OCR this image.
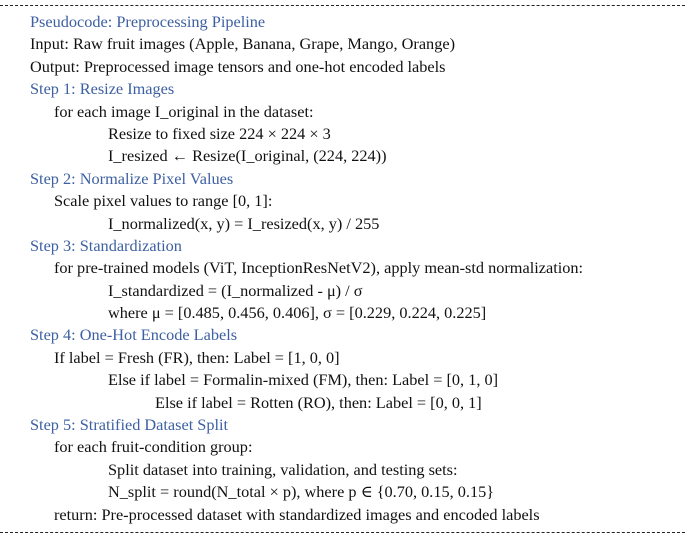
Pseudocode: Preprocessing Pipeline
Input: Raw fruit images (Apple, Banana, Grape, Mango, Orange)
Output: Preprocessed image tensors and one-hot encoded labels
Step 1: Resize Images
for each image I_original in the dataset:
Resize to fixed size 224 × 224 × 3
I_resized ← Resize(I_original, (224, 224))
Step 2: Normalize Pixel Values
Scale pixel values to range [0, 1]:
I_normalized(x, y) = I_resized(x, y) / 255
Step 3: Standardization
for pre-trained models (ViT, InceptionResNetV2), apply mean-std normalization:
I_standardized = (I_normalized - μ) / σ
where μ = [0.485, 0.456, 0.406], σ = [0.229, 0.224, 0.225]
Step 4: One-Hot Encode Labels
If label = Fresh (FR), then: Label = [1, 0, 0]
Else if label = Formalin-mixed (FM), then: Label = [0, 1, 0]
Else if label = Rotten (RO), then: Label = [0, 0, 1]
Step 5: Stratified Dataset Split
for each fruit-condition group:
Split dataset into training, validation, and testing sets:
N_split = round(N_total × p), where p ∈ {0.70, 0.15, 0.15}
return: Pre-processed dataset with standardized images and encoded labels
